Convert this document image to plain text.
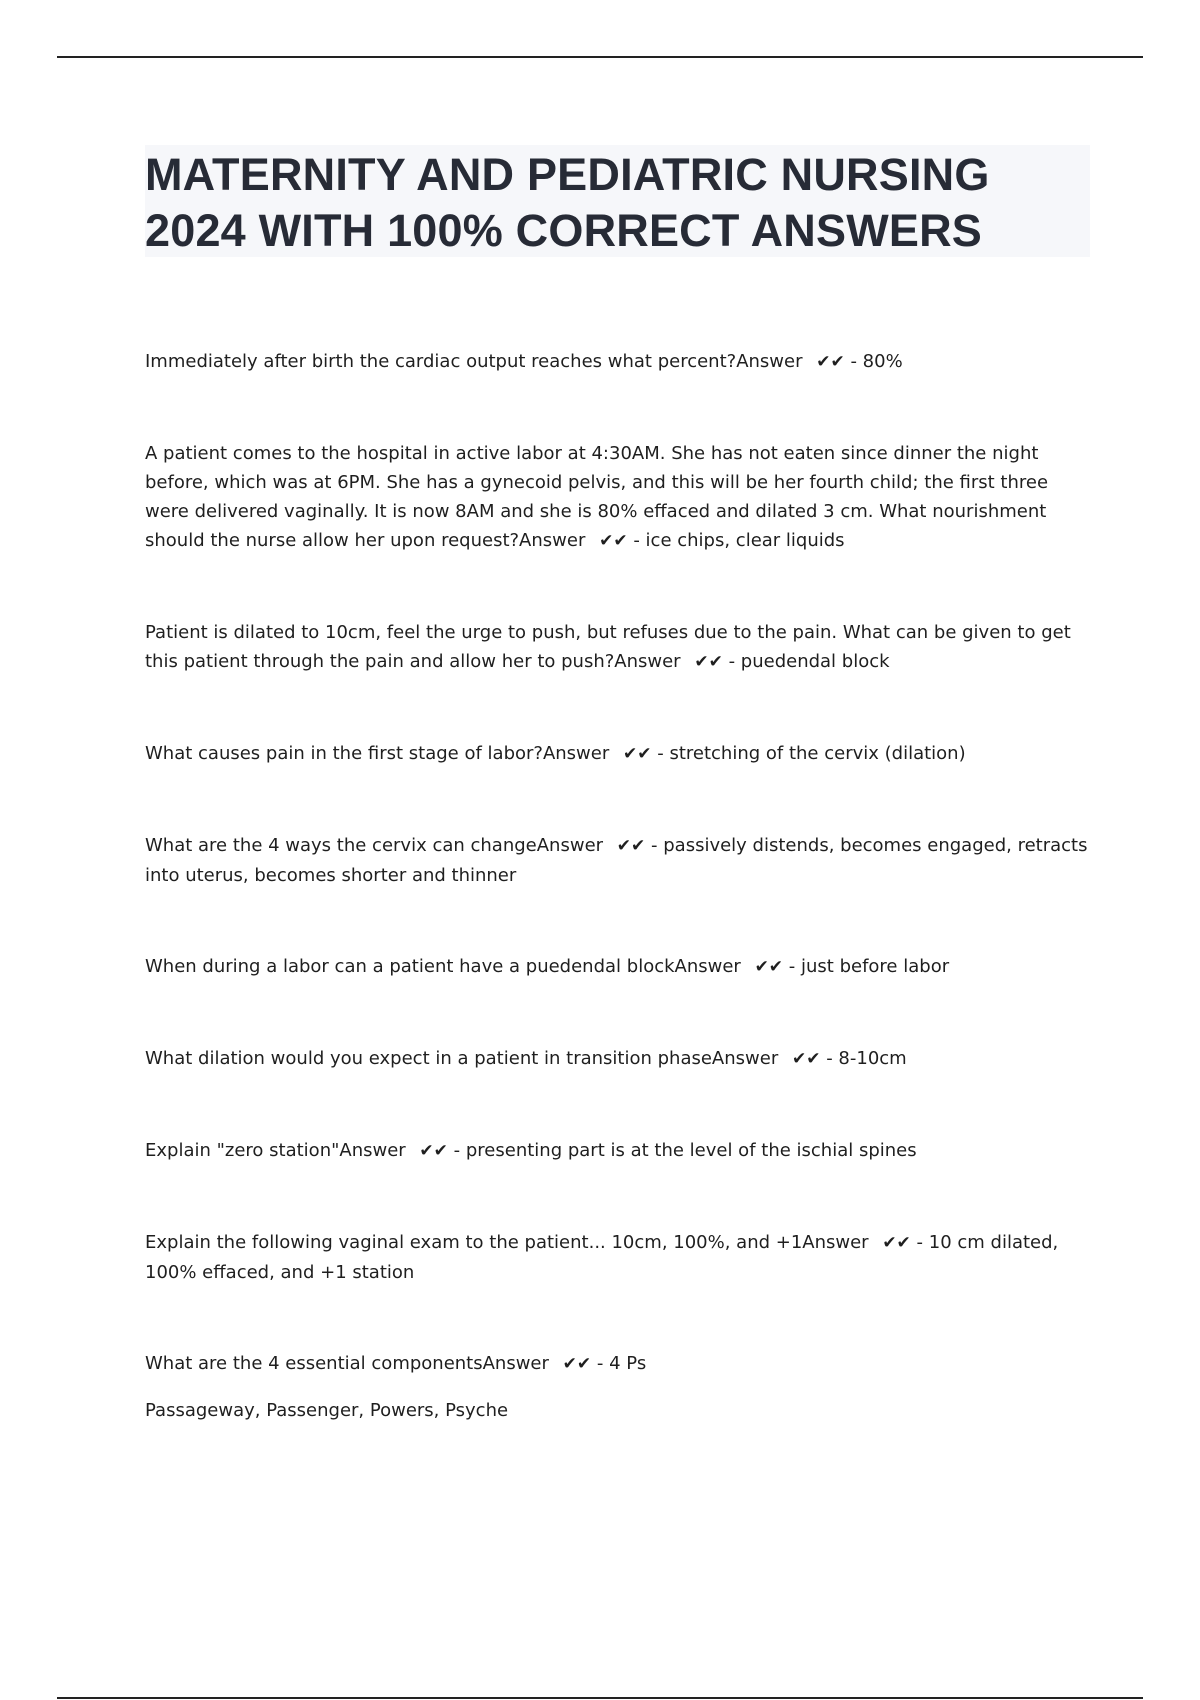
MATERNITY AND PEDIATRIC NURSING
2024 WITH 100% CORRECT ANSWERS

Immediately after birth the cardiac output reaches what percent?Answer ✔✔ - 80%

A patient comes to the hospital in active labor at 4:30AM. She has not eaten since dinner the night before, which was at 6PM. She has a gynecoid pelvis, and this will be her fourth child; the first three were delivered vaginally. It is now 8AM and she is 80% effaced and dilated 3 cm. What nourishment should the nurse allow her upon request?Answer ✔✔ - ice chips, clear liquids

Patient is dilated to 10cm, feel the urge to push, but refuses due to the pain. What can be given to get this patient through the pain and allow her to push?Answer ✔✔ - puedendal block

What causes pain in the first stage of labor?Answer ✔✔ - stretching of the cervix (dilation)

What are the 4 ways the cervix can changeAnswer ✔✔ - passively distends, becomes engaged, retracts into uterus, becomes shorter and thinner

When during a labor can a patient have a puedendal blockAnswer ✔✔ - just before labor

What dilation would you expect in a patient in transition phaseAnswer ✔✔ - 8-10cm

Explain "zero station"Answer ✔✔ - presenting part is at the level of the ischial spines

Explain the following vaginal exam to the patient... 10cm, 100%, and +1Answer ✔✔ - 10 cm dilated, 100% effaced, and +1 station

What are the 4 essential componentsAnswer ✔✔ - 4 Ps

Passageway, Passenger, Powers, Psyche
